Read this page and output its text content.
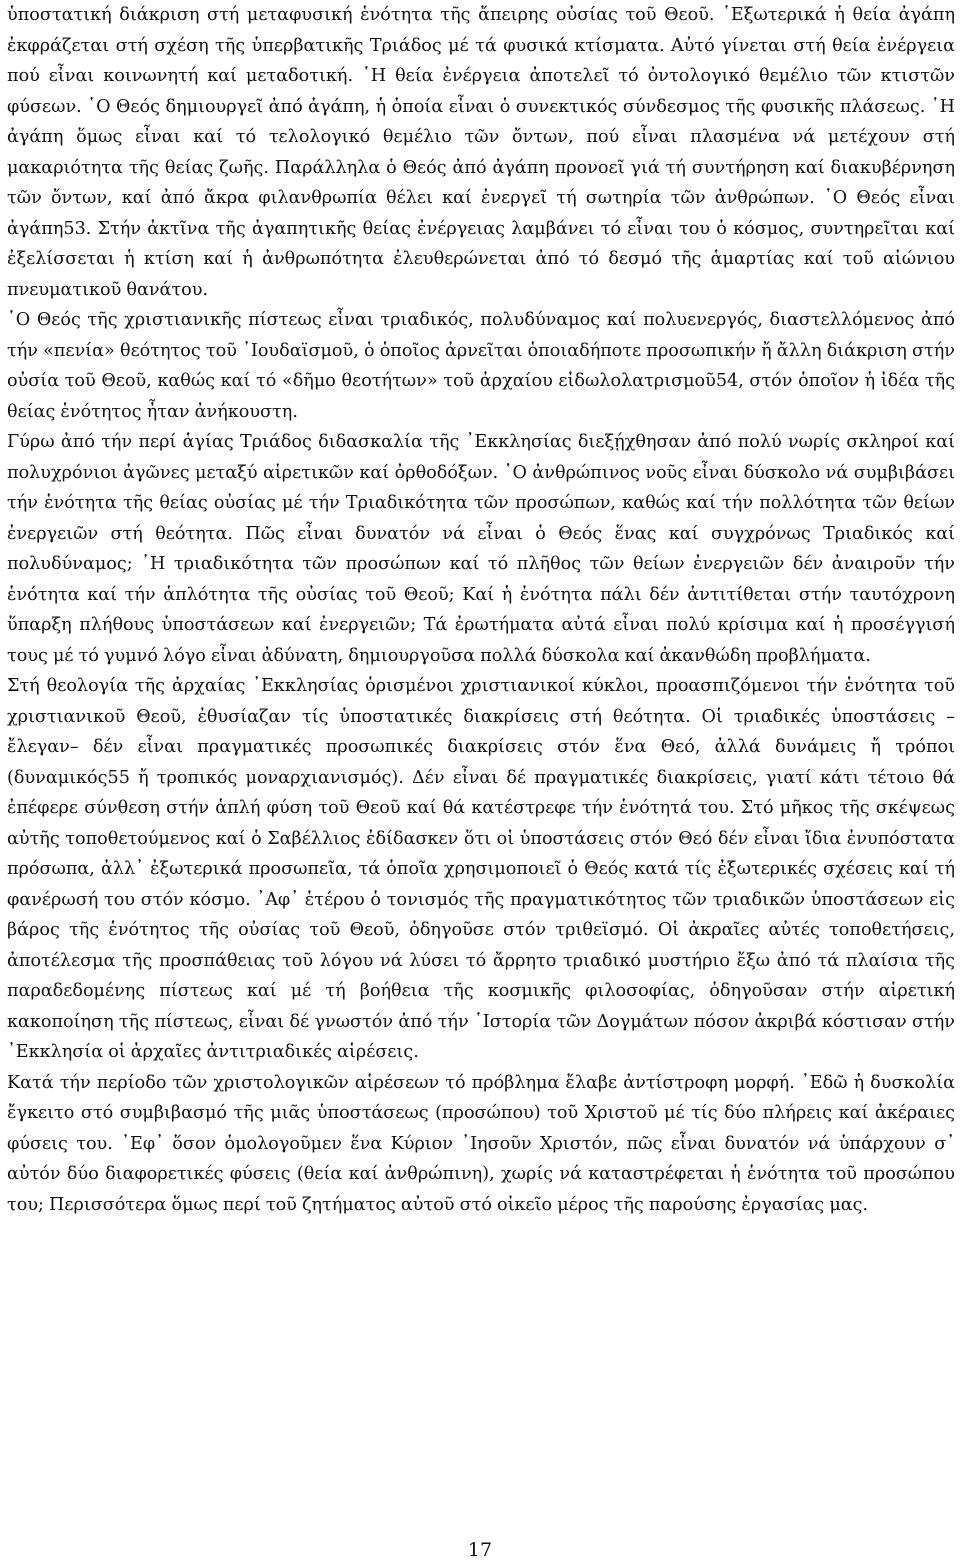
ὑποστατική διάκριση στή μεταφυσική ἑνότητα τῆς ἄπειρης οὐσίας τοῦ Θεοῦ. ῾Εξωτερικά ἡ θεία ἀγάπη ἐκφράζεται στή σχέση τῆς ὑπερβατικῆς Τριάδος μέ τά φυσικά κτίσματα. Αὐτό γίνεται στή θεία ἐνέργεια πού εἶναι κοινωνητή καί μεταδοτική. ῾Η θεία ἐνέργεια ἀποτελεῖ τό ὀντολογικό θεμέλιο τῶν κτιστῶν φύσεων. ῾Ο Θεός δημιουργεῖ ἀπό ἀγάπη, ἡ ὁποία εἶναι ὁ συνεκτικός σύνδεσμος τῆς φυσικῆς πλάσεως. ῾Η ἀγάπη ὅμως εἶναι καί τό τελολογικό θεμέλιο τῶν ὄντων, πού εἶναι πλασμένα νά μετέχουν στή μακαριότητα τῆς θείας ζωῆς. Παράλληλα ὁ Θεός ἀπό ἀγάπη προνοεῖ γιά τή συντήρηση καί διακυβέρνηση τῶν ὄντων, καί ἀπό ἄκρα φιλανθρωπία θέλει καί ἐνεργεῖ τή σωτηρία τῶν ἀνθρώπων. ῾Ο Θεός εἶναι ἀγάπη53. Στήν ἀκτῖνα τῆς ἀγαπητικῆς θείας ἐνέργειας λαμβάνει τό εἶναι του ὁ κόσμος, συντηρεῖται καί ἐξελίσσεται ἡ κτίση καί ἡ ἀνθρωπότητα ἐλευθερώνεται ἀπό τό δεσμό τῆς ἁμαρτίας καί τοῦ αἰώνιου πνευματικοῦ θανάτου.

῾Ο Θεός τῆς χριστιανικῆς πίστεως εἶναι τριαδικός, πολυδύναμος καί πολυενεργός, διαστελλόμενος ἀπό τήν «πενία» θεότητος τοῦ ᾿Ιουδαϊσμοῦ, ὁ ὁποῖος ἀρνεῖται ὁποιαδήποτε προσωπικήν ἤ ἄλλη διάκριση στήν οὐσία τοῦ Θεοῦ, καθώς καί τό «δῆμο θεοτήτων» τοῦ ἀρχαίου εἰδωλολατρισμοῦ54, στόν ὁποῖον ἡ ἰδέα τῆς θείας ἑνότητος ἦταν ἀνήκουστη.

Γύρω ἀπό τήν περί ἁγίας Τριάδος διδασκαλία τῆς ᾿Εκκλησίας διεξῄχθησαν ἀπό πολύ νωρίς σκληροί καί πολυχρόνιοι ἀγῶνες μεταξύ αἱρετικῶν καί ὀρθοδόξων. ῾Ο ἀνθρώπινος νοῦς εἶναι δύσκολο νά συμβιβάσει τήν ἑνότητα τῆς θείας οὐσίας μέ τήν Τριαδικότητα τῶν προσώπων, καθώς καί τήν πολλότητα τῶν θείων ἐνεργειῶν στή θεότητα. Πῶς εἶναι δυνατόν νά εἶναι ὁ Θεός ἕνας καί συγχρόνως Τριαδικός καί πολυδύναμος; ῾Η τριαδικότητα τῶν προσώπων καί τό πλῆθος τῶν θείων ἐνεργειῶν δέν ἀναιροῦν τήν ἑνότητα καί τήν ἁπλότητα τῆς οὐσίας τοῦ Θεοῦ; Καί ἡ ἑνότητα πάλι δέν ἀντιτίθεται στήν ταυτόχρονη ὕπαρξη πλήθους ὑποστάσεων καί ἐνεργειῶν; Τά ἐρωτήματα αὐτά εἶναι πολύ κρίσιμα καί ἡ προσέγγισή τους μέ τό γυμνό λόγο εἶναι ἀδύνατη, δημιουργοῦσα πολλά δύσκολα καί ἀκανθώδη προβλήματα.

Στή θεολογία τῆς ἀρχαίας ᾿Εκκλησίας ὁρισμένοι χριστιανικοί κύκλοι, προασπιζόμενοι τήν ἑνότητα τοῦ χριστιανικοῦ Θεοῦ, ἐθυσίαζαν τίς ὑποστατικές διακρίσεις στή θεότητα. Οἱ τριαδικές ὑποστάσεις –ἔλεγαν– δέν εἶναι πραγματικές προσωπικές διακρίσεις στόν ἕνα Θεό, ἀλλά δυνάμεις ἤ τρόποι (δυναμικός55 ἤ τροπικός μοναρχιανισμός). Δέν εἶναι δέ πραγματικές διακρίσεις, γιατί κάτι τέτοιο θά ἐπέφερε σύνθεση στήν ἁπλή φύση τοῦ Θεοῦ καί θά κατέστρεφε τήν ἑνότητά του. Στό μῆκος τῆς σκέψεως αὐτῆς τοποθετούμενος καί ὁ Σαβέλλιος ἐδίδασκεν ὅτι οἱ ὑποστάσεις στόν Θεό δέν εἶναι ἴδια ἐνυπόστατα πρόσωπα, ἀλλ᾿ ἐξωτερικά προσωπεῖα, τά ὁποῖα χρησιμοποιεῖ ὁ Θεός κατά τίς ἐξωτερικές σχέσεις καί τή φανέρωσή του στόν κόσμο. ᾿Αφ᾿ ἑτέρου ὁ τονισμός τῆς πραγματικότητος τῶν τριαδικῶν ὑποστάσεων εἰς βάρος τῆς ἑνότητος τῆς οὐσίας τοῦ Θεοῦ, ὁδηγοῦσε στόν τριθεϊσμό. Οἱ ἀκραῖες αὐτές τοποθετήσεις, ἀποτέλεσμα τῆς προσπάθειας τοῦ λόγου νά λύσει τό ἄρρητο τριαδικό μυστήριο ἔξω ἀπό τά πλαίσια τῆς παραδεδομένης πίστεως καί μέ τή βοήθεια τῆς κοσμικῆς φιλοσοφίας, ὁδηγοῦσαν στήν αἱρετική κακοποίηση τῆς πίστεως, εἶναι δέ γνωστόν ἀπό τήν ῾Ιστορία τῶν Δογμάτων πόσον ἀκριβά κόστισαν στήν ᾿Εκκλησία οἱ ἀρχαῖες ἀντιτριαδικές αἱρέσεις.

Κατά τήν περίοδο τῶν χριστολογικῶν αἱρέσεων τό πρόβλημα ἔλαβε ἀντίστροφη μορφή. ᾿Εδῶ ἡ δυσκολία ἔγκειτο στό συμβιβασμό τῆς μιᾶς ὑποστάσεως (προσώπου) τοῦ Χριστοῦ μέ τίς δύο πλήρεις καί ἀκέραιες φύσεις του. ᾿Εφ᾿ ὅσον ὁμολογοῦμεν ἕνα Κύριον ᾿Ιησοῦν Χριστόν, πῶς εἶναι δυνατόν νά ὑπάρχουν σ᾿ αὐτόν δύο διαφορετικές φύσεις (θεία καί ἀνθρώπινη), χωρίς νά καταστρέφεται ἡ ἑνότητα τοῦ προσώπου του; Περισσότερα ὅμως περί τοῦ ζητήματος αὐτοῦ στό οἰκεῖο μέρος τῆς παρούσης ἐργασίας μας.

17
